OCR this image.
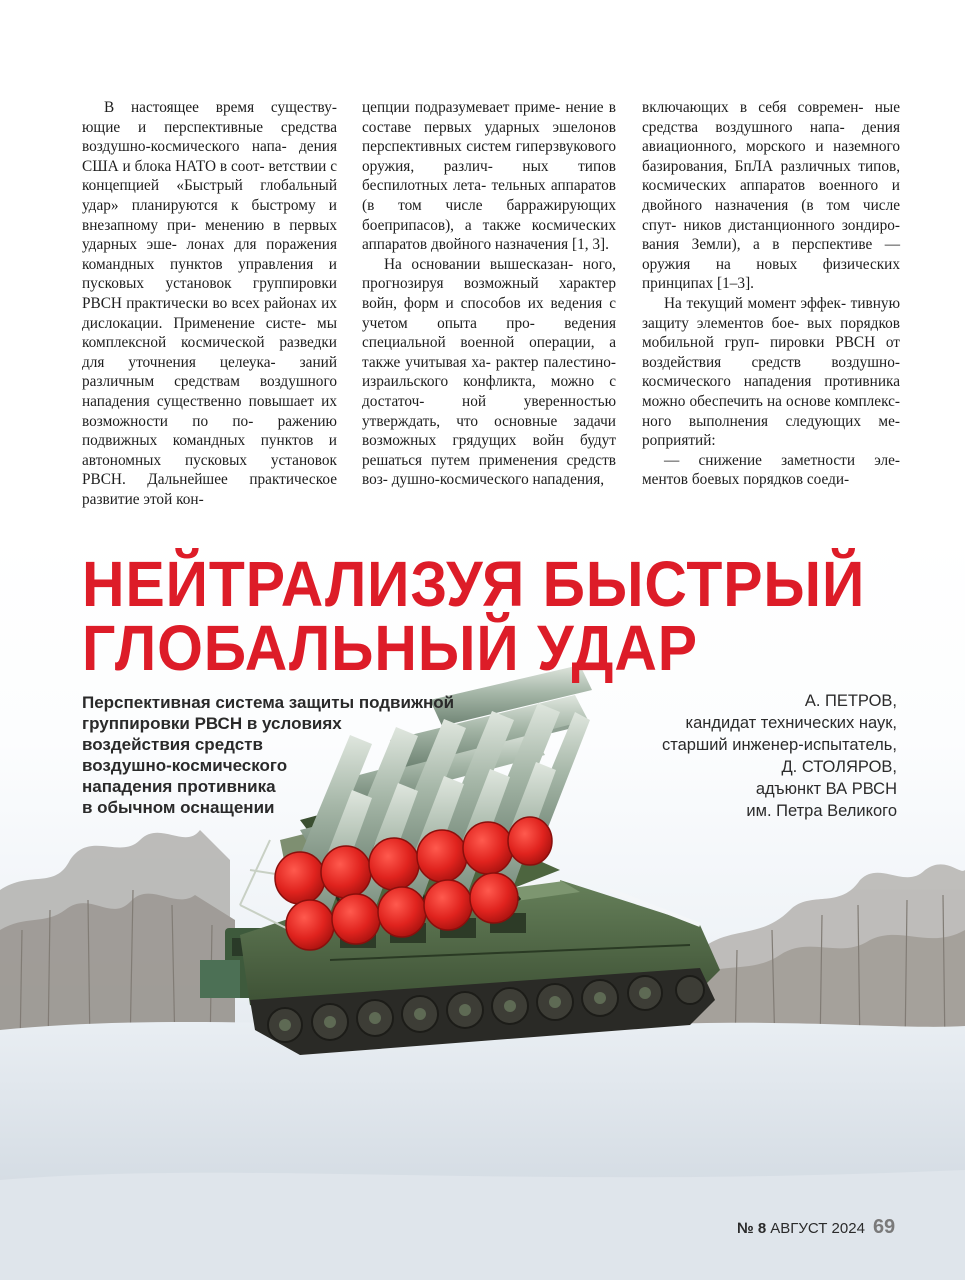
В настоящее время существу- ющие и перспективные средства воздушно-космического напа- дения США и блока НАТО в соот- ветствии с концепцией «Быстрый глобальный удар» планируются к быстрому и внезапному при- менению в первых ударных эше- лонах для поражения командных пунктов управления и пусковых установок группировки РВСН практически во всех районах их дислокации. Применение систе- мы комплексной космической разведки для уточнения целеука- заний различным средствам воздушного нападения существенно повышает их возможности по по- ражению подвижных командных пунктов и автономных пусковых установок РВСН. Дальнейшее практическое развитие этой кон-

цепции подразумевает приме- нение в составе первых ударных эшелонов перспективных систем гиперзвукового оружия, различ- ных типов беспилотных лета- тельных аппаратов (в том числе барражирующих боеприпасов), а также космических аппаратов двойного назначения [1, 3].

На основании вышесказан- ного, прогнозируя возможный характер войн, форм и способов их ведения с учетом опыта про- ведения специальной военной операции, а также учитывая ха- рактер палестино-израильского конфликта, можно с достаточ- ной уверенностью утверждать, что основные задачи возможных грядущих войн будут решаться путем применения средств воз- душно-космического нападения,

включающих в себя современ- ные средства воздушного напа- дения авиационного, морского и наземного базирования, БпЛА различных типов, космических аппаратов военного и двойного назначения (в том числе спут- ников дистанционного зондиро- вания Земли), а в перспективе — оружия на новых физических принципах [1–3].

На текущий момент эффек- тивную защиту элементов бое- вых порядков мобильной груп- пировки РВСН от воздействия средств воздушно-космического нападения противника можно обеспечить на основе комплекс- ного выполнения следующих ме- роприятий:

— снижение заметности эле- ментов боевых порядков соеди-

НЕЙТРАЛИЗУЯ БЫСТРЫЙ
ГЛОБАЛЬНЫЙ УДАР

Перспективная система защиты подвижной
группировки РВСН в условиях
воздействия средств
воздушно-космического
нападения противника
в обычном оснащении

А. ПЕТРОВ,
кандидат технических наук,
старший инженер-испытатель,
Д. СТОЛЯРОВ,
адъюнкт ВА РВСН
им. Петра Великого
№ 8 АВГУСТ 2024 69
